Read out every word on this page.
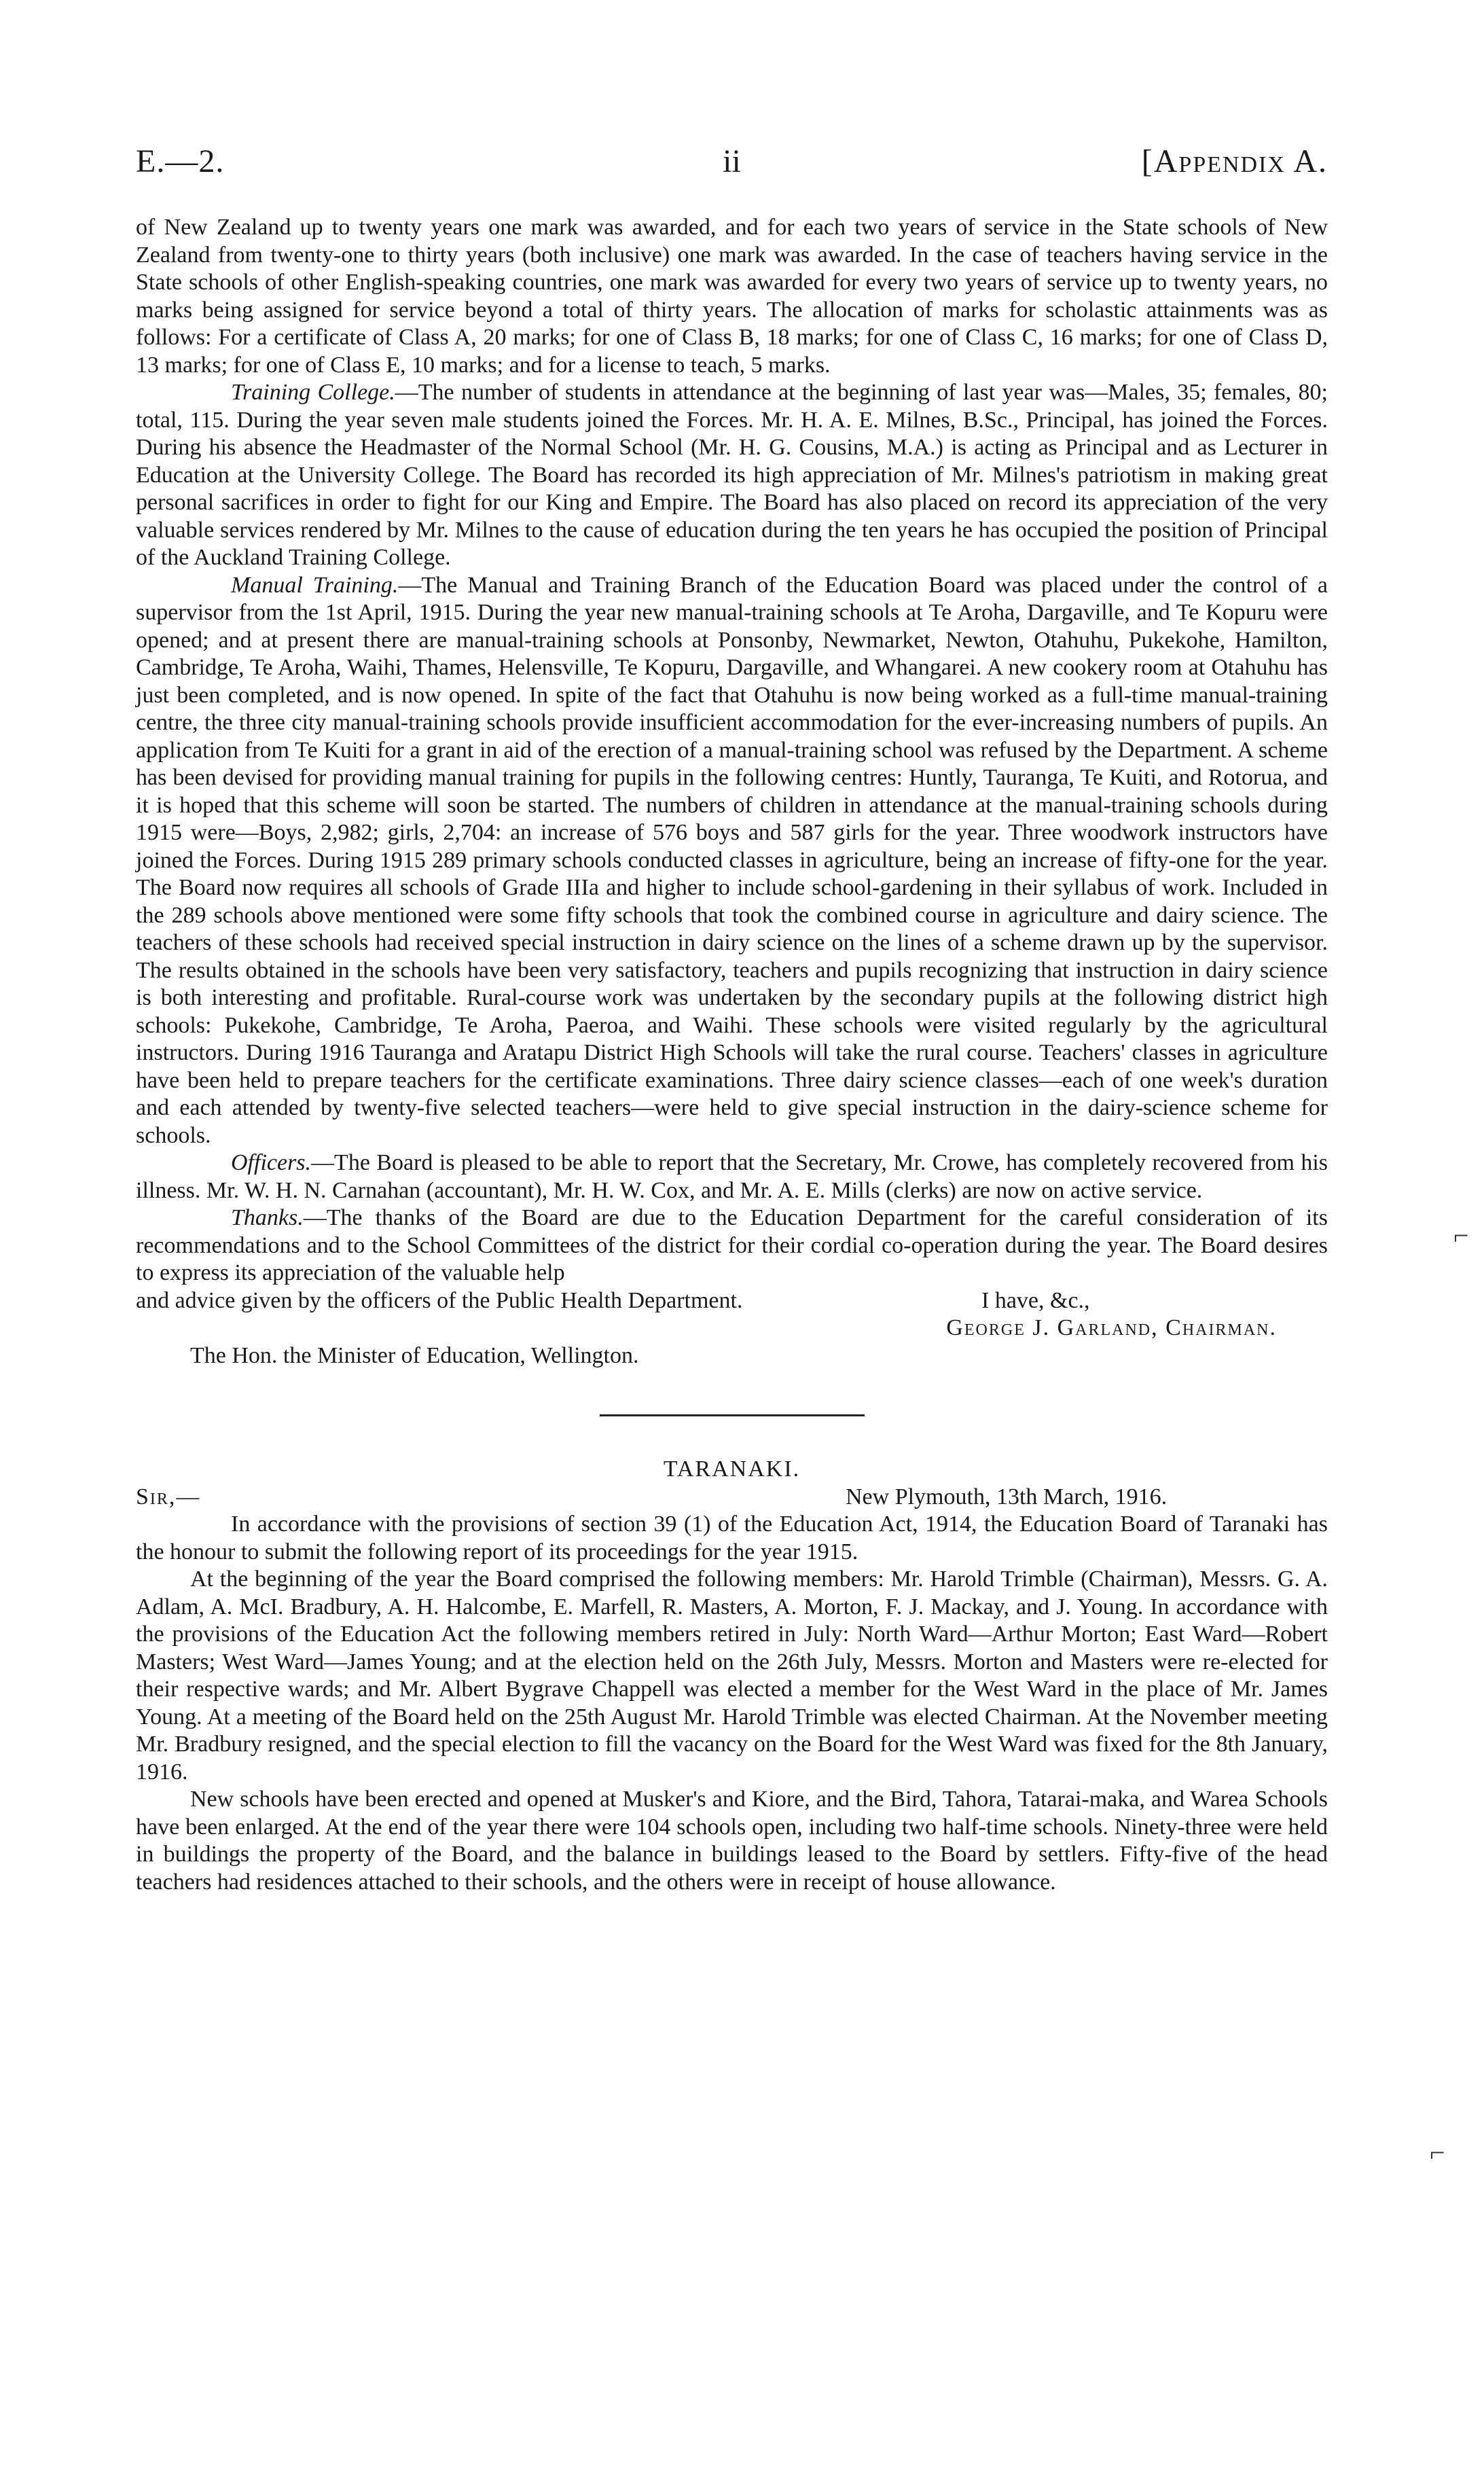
E.—2.	ii	[Appendix A.

of New Zealand up to twenty years one mark was awarded, and for each two years of service in the State schools of New Zealand from twenty-one to thirty years (both inclusive) one mark was awarded. In the case of teachers having service in the State schools of other English-speaking countries, one mark was awarded for every two years of service up to twenty years, no marks being assigned for service beyond a total of thirty years. The allocation of marks for scholastic attainments was as follows: For a certificate of Class A, 20 marks; for one of Class B, 18 marks; for one of Class C, 16 marks; for one of Class D, 13 marks; for one of Class E, 10 marks; and for a license to teach, 5 marks.

Training College.—The number of students in attendance at the beginning of last year was—Males, 35; females, 80; total, 115. During the year seven male students joined the Forces. Mr. H. A. E. Milnes, B.Sc., Principal, has joined the Forces. During his absence the Headmaster of the Normal School (Mr. H. G. Cousins, M.A.) is acting as Principal and as Lecturer in Education at the University College. The Board has recorded its high appreciation of Mr. Milnes's patriotism in making great personal sacrifices in order to fight for our King and Empire. The Board has also placed on record its appreciation of the very valuable services rendered by Mr. Milnes to the cause of education during the ten years he has occupied the position of Principal of the Auckland Training College.

Manual Training.—The Manual and Training Branch of the Education Board was placed under the control of a supervisor from the 1st April, 1915. During the year new manual-training schools at Te Aroha, Dargaville, and Te Kopuru were opened; and at present there are manual-training schools at Ponsonby, Newmarket, Newton, Otahuhu, Pukekohe, Hamilton, Cambridge, Te Aroha, Waihi, Thames, Helensville, Te Kopuru, Dargaville, and Whangarei. A new cookery room at Otahuhu has just been completed, and is now opened. In spite of the fact that Otahuhu is now being worked as a full-time manual-training centre, the three city manual-training schools provide insufficient accommodation for the ever-increasing numbers of pupils. An application from Te Kuiti for a grant in aid of the erection of a manual-training school was refused by the Department. A scheme has been devised for providing manual training for pupils in the following centres: Huntly, Tauranga, Te Kuiti, and Rotorua, and it is hoped that this scheme will soon be started. The numbers of children in attendance at the manual-training schools during 1915 were—Boys, 2,982; girls, 2,704: an increase of 576 boys and 587 girls for the year. Three woodwork instructors have joined the Forces. During 1915 289 primary schools conducted classes in agriculture, being an increase of fifty-one for the year. The Board now requires all schools of Grade IIIa and higher to include school-gardening in their syllabus of work. Included in the 289 schools above mentioned were some fifty schools that took the combined course in agriculture and dairy science. The teachers of these schools had received special instruction in dairy science on the lines of a scheme drawn up by the supervisor. The results obtained in the schools have been very satisfactory, teachers and pupils recognizing that instruction in dairy science is both interesting and profitable. Rural-course work was undertaken by the secondary pupils at the following district high schools: Pukekohe, Cambridge, Te Aroha, Paeroa, and Waihi. These schools were visited regularly by the agricultural instructors. During 1916 Tauranga and Aratapu District High Schools will take the rural course. Teachers' classes in agriculture have been held to prepare teachers for the certificate examinations. Three dairy science classes—each of one week's duration and each attended by twenty-five selected teachers—were held to give special instruction in the dairy-science scheme for schools.

Officers.—The Board is pleased to be able to report that the Secretary, Mr. Crowe, has completely recovered from his illness. Mr. W. H. N. Carnahan (accountant), Mr. H. W. Cox, and Mr. A. E. Mills (clerks) are now on active service.

Thanks.—The thanks of the Board are due to the Education Department for the careful consideration of its recommendations and to the School Committees of the district for their cordial co-operation during the year. The Board desires to express its appreciation of the valuable help

and advice given by the officers of the Public Health Department.	I have, &c.,

George J. Garland, Chairman.

The Hon. the Minister of Education, Wellington.

TARANAKI.

Sir,—	New Plymouth, 13th March, 1916.

In accordance with the provisions of section 39 (1) of the Education Act, 1914, the Education Board of Taranaki has the honour to submit the following report of its proceedings for the year 1915.

At the beginning of the year the Board comprised the following members: Mr. Harold Trimble (Chairman), Messrs. G. A. Adlam, A. McI. Bradbury, A. H. Halcombe, E. Marfell, R. Masters, A. Morton, F. J. Mackay, and J. Young. In accordance with the provisions of the Education Act the following members retired in July: North Ward—Arthur Morton; East Ward—Robert Masters; West Ward—James Young; and at the election held on the 26th July, Messrs. Morton and Masters were re-elected for their respective wards; and Mr. Albert Bygrave Chappell was elected a member for the West Ward in the place of Mr. James Young. At a meeting of the Board held on the 25th August Mr. Harold Trimble was elected Chairman. At the November meeting Mr. Bradbury resigned, and the special election to fill the vacancy on the Board for the West Ward was fixed for the 8th January, 1916.

New schools have been erected and opened at Musker's and Kiore, and the Bird, Tahora, Tatarai-maka, and Warea Schools have been enlarged. At the end of the year there were 104 schools open, including two half-time schools. Ninety-three were held in buildings the property of the Board, and the balance in buildings leased to the Board by settlers. Fifty-five of the head teachers had residences attached to their schools, and the others were in receipt of house allowance.

⌐
⌐
